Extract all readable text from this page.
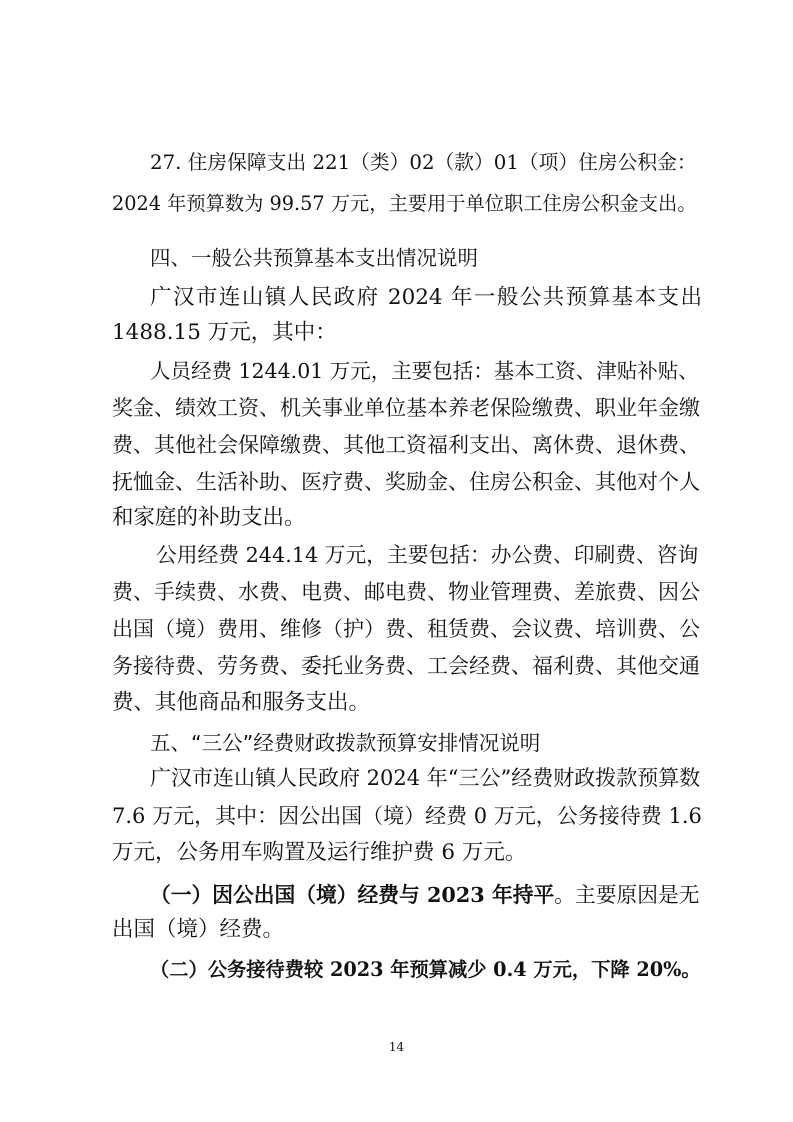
27. 住房保障支出 221（类）02（款）01（项）住房公积金：
2024 年预算数为 99.57 万元，主要用于单位职工住房公积金支出。
四、一般公共预算基本支出情况说明
广汉市连山镇人民政府 2024 年一般公共预算基本支出
1488.15 万元，其中：
人员经费 1244.01 万元，主要包括：基本工资、津贴补贴、
奖金、绩效工资、机关事业单位基本养老保险缴费、职业年金缴
费、其他社会保障缴费、其他工资福利支出、离休费、退休费、
抚恤金、生活补助、医疗费、奖励金、住房公积金、其他对个人
和家庭的补助支出。
公用经费 244.14 万元，主要包括：办公费、印刷费、咨询
费、手续费、水费、电费、邮电费、物业管理费、差旅费、因公
出国（境）费用、维修（护）费、租赁费、会议费、培训费、公
务接待费、劳务费、委托业务费、工会经费、福利费、其他交通
费、其他商品和服务支出。
五、“三公”经费财政拨款预算安排情况说明
广汉市连山镇人民政府 2024 年“三公”经费财政拨款预算数
7.6 万元，其中：因公出国（境）经费 0 万元，公务接待费 1.6
万元，公务用车购置及运行维护费 6 万元。
（一）因公出国（境）经费与 2023 年持平。主要原因是无
出国（境）经费。
（二）公务接待费较 2023 年预算减少 0.4 万元，下降 20%。
14
